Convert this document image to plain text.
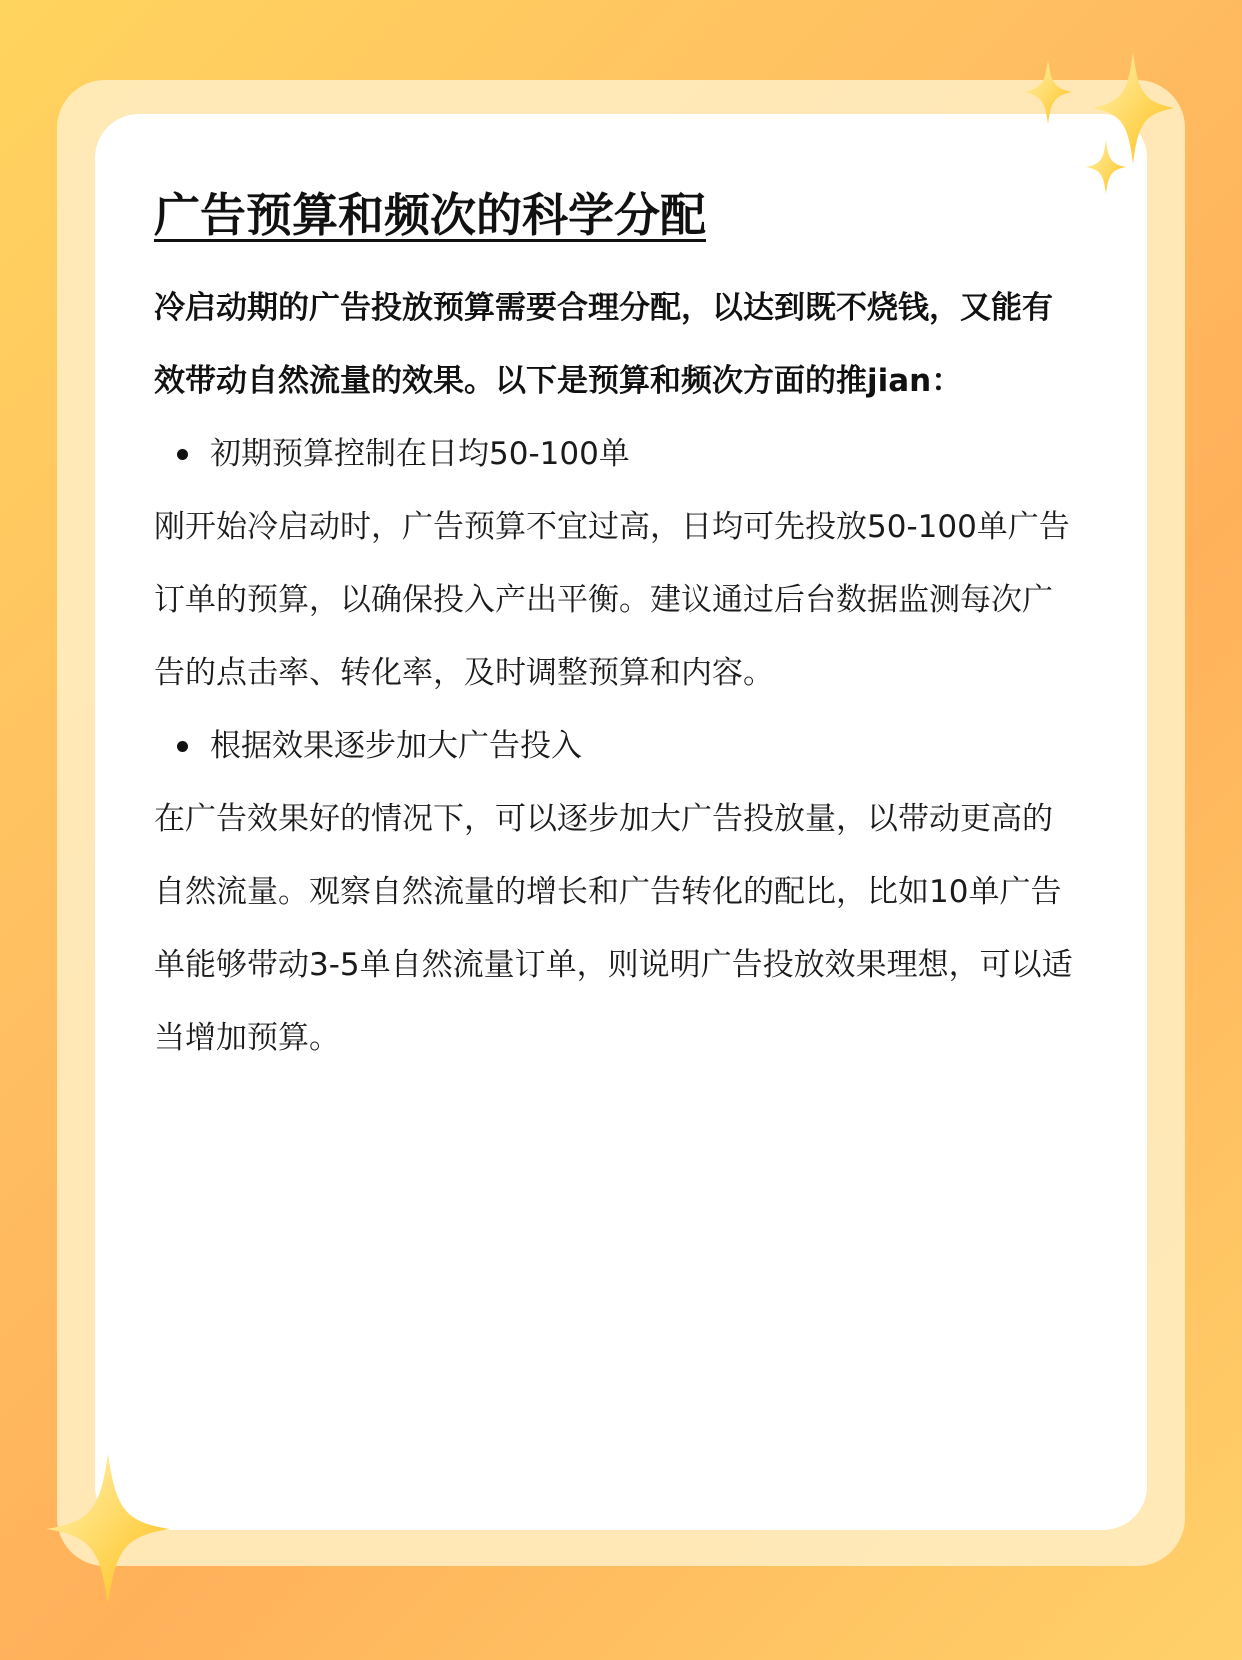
广告预算和频次的科学分配

冷启动期的广告投放预算需要合理分配，以达到既不烧钱，又能有效带动自然流量的效果。以下是预算和频次方面的推jian：

初期预算控制在日均50-100单

刚开始冷启动时，广告预算不宜过高，日均可先投放50-100单广告订单的预算，以确保投入产出平衡。建议通过后台数据监测每次广告的点击率、转化率，及时调整预算和内容。

根据效果逐步加大广告投入

在广告效果好的情况下，可以逐步加大广告投放量，以带动更高的自然流量。观察自然流量的增长和广告转化的配比，比如10单广告单能够带动3-5单自然流量订单，则说明广告投放效果理想，可以适当增加预算。
